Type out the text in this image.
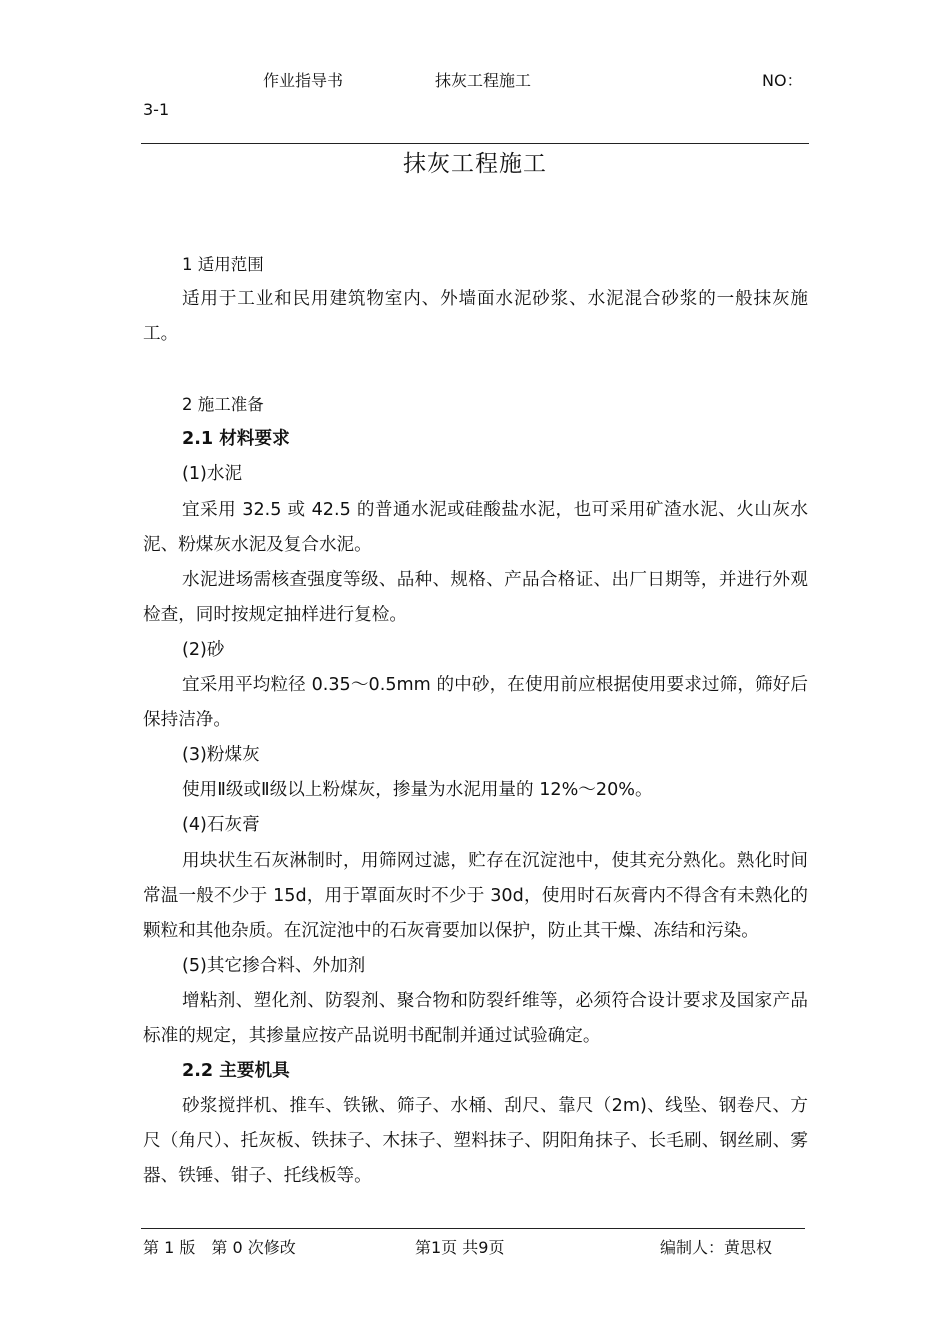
作业指导书	抹灰工程施工	NO：
3-1
抹灰工程施工

1 适用范围

适用于工业和民用建筑物室内、外墙面水泥砂浆、水泥混合砂浆的一般抹灰施工。

2 施工准备

2.1 材料要求

(1)水泥

宜采用 32.5 或 42.5 的普通水泥或硅酸盐水泥，也可采用矿渣水泥、火山灰水泥、粉煤灰水泥及复合水泥。

水泥进场需核查强度等级、品种、规格、产品合格证、出厂日期等，并进行外观检查，同时按规定抽样进行复检。

(2)砂

宜采用平均粒径 0.35～0.5mm 的中砂，在使用前应根据使用要求过筛，筛好后保持洁净。

(3)粉煤灰

使用Ⅱ级或Ⅱ级以上粉煤灰，掺量为水泥用量的 12%～20%。

(4)石灰膏

用块状生石灰淋制时，用筛网过滤，贮存在沉淀池中，使其充分熟化。熟化时间常温一般不少于 15d，用于罩面灰时不少于 30d，使用时石灰膏内不得含有未熟化的颗粒和其他杂质。在沉淀池中的石灰膏要加以保护，防止其干燥、冻结和污染。

(5)其它掺合料、外加剂

增粘剂、塑化剂、防裂剂、聚合物和防裂纤维等，必须符合设计要求及国家产品标准的规定，其掺量应按产品说明书配制并通过试验确定。

2.2 主要机具

砂浆搅拌机、推车、铁锹、筛子、水桶、刮尺、靠尺（2m)、线坠、钢卷尺、方尺（角尺）、托灰板、铁抹子、木抹子、塑料抹子、阴阳角抹子、长毛刷、钢丝刷、雾器、铁锤、钳子、托线板等。

第 1 版　第 0 次修改	第1页 共9页	编制人：黄思权
